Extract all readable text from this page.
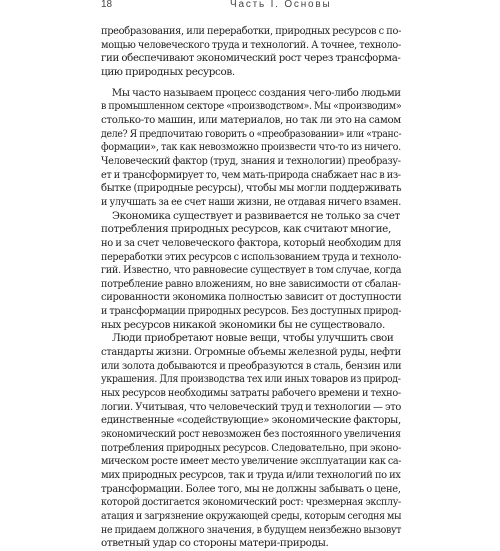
18	Часть I. Основы
преобразования, или переработки, природных ресурсов с по-
мощью человеческого труда и технологий. А точнее, техноло-
гии обеспечивают экономический рост через трансформа-
цию природных ресурсов.
Мы часто называем процесс создания чего-либо людьми
в промышленном секторе «производством». Мы «производим»
столько-то машин, или материалов, но так ли это на самом
деле? Я предпочитаю говорить о «преобразовании» или «транс-
формации», так как невозможно произвести что-то из ничего.
Человеческий фактор (труд, знания и технологии) преобразу-
ет и трансформирует то, чем мать-природа снабжает нас в из-
бытке (природные ресурсы), чтобы мы могли поддерживать
и улучшать за ее счет наши жизни, не отдавая ничего взамен.
Экономика существует и развивается не только за счет
потребления природных ресурсов, как считают многие,
но и за счет человеческого фактора, который необходим для
переработки этих ресурсов с использованием труда и техноло-
гий. Известно, что равновесие существует в том случае, когда
потребление равно вложениям, но вне зависимости от сбалан-
сированности экономика полностью зависит от доступности
и трансформации природных ресурсов. Без доступных природ-
ных ресурсов никакой экономики бы не существовало.
Люди приобретают новые вещи, чтобы улучшить свои
стандарты жизни. Огромные объемы железной руды, нефти
или золота добываются и преобразуются в сталь, бензин или
украшения. Для производства тех или иных товаров из природ-
ных ресурсов необходимы затраты рабочего времени и техно-
логии. Учитывая, что человеческий труд и технологии — это
единственные «содействующие» экономические факторы,
экономический рост невозможен без постоянного увеличения
потребления природных ресурсов. Следовательно, при эконо-
мическом росте имеет место увеличение эксплуатации как са-
мих природных ресурсов, так и труда и/или технологий по их
трансформации. Более того, мы не должны забывать о цене,
которой достигается экономический рост: чрезмерная эксплу-
атация и загрязнение окружающей среды, которым сегодня мы
не придаем должного значения, в будущем неизбежно вызовут
ответный удар со стороны матери-природы.
